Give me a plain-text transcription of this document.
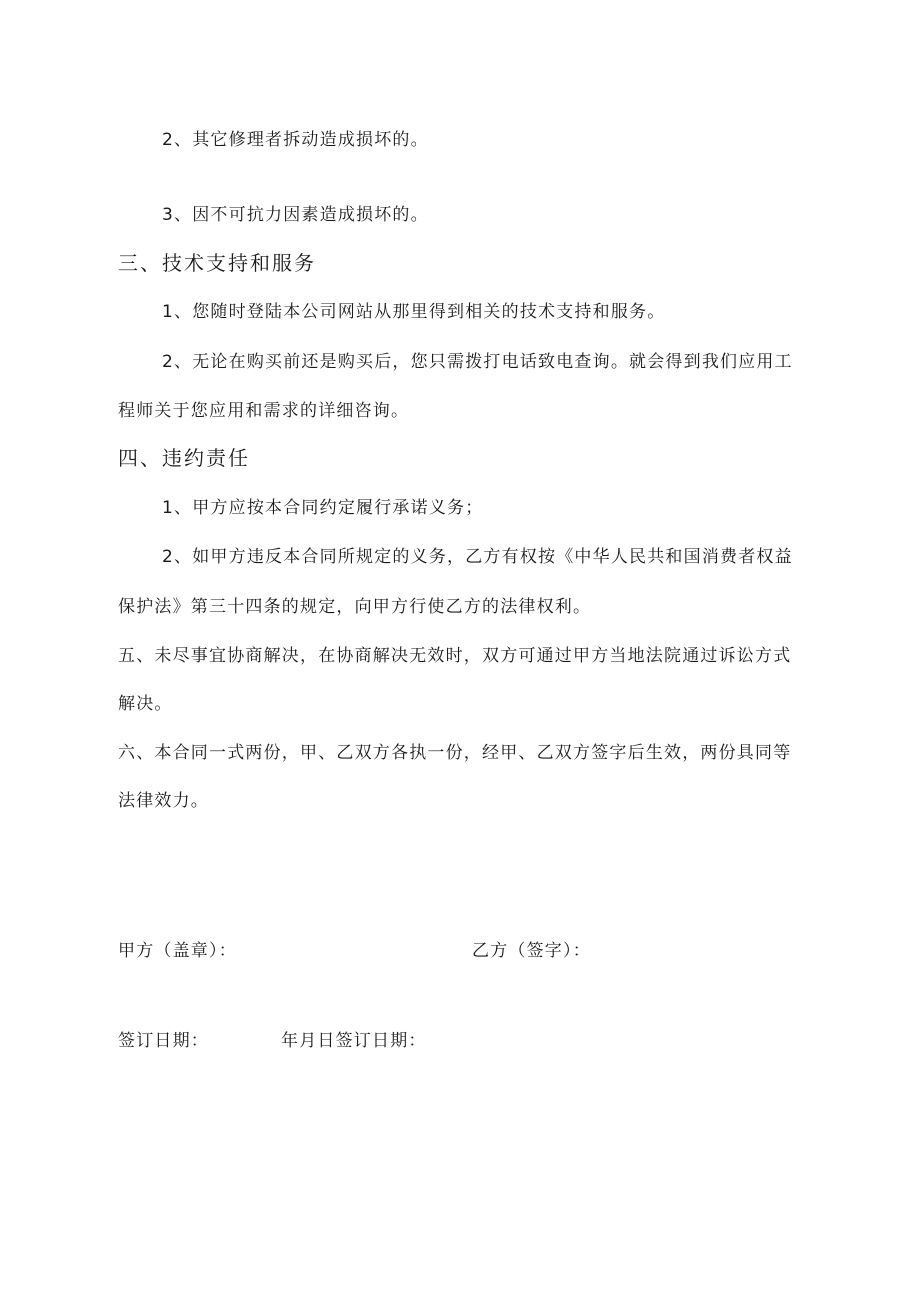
2、其它修理者拆动造成损坏的。
3、因不可抗力因素造成损坏的。
三、技术支持和服务
1、您随时登陆本公司网站从那里得到相关的技术支持和服务。
2、无论在购买前还是购买后，您只需拨打电话致电查询。就会得到我们应用工
程师关于您应用和需求的详细咨询。
四、违约责任
1、甲方应按本合同约定履行承诺义务；
2、如甲方违反本合同所规定的义务，乙方有权按《中华人民共和国消费者权益
保护法》第三十四条的规定，向甲方行使乙方的法律权利。
五、未尽事宜协商解决，在协商解决无效时，双方可通过甲方当地法院通过诉讼方式
解决。
六、本合同一式两份，甲、乙双方各执一份，经甲、乙双方签字后生效，两份具同等
法律效力。
甲方（盖章）：	乙方（签字）：
签订日期：	年月日签订日期：
